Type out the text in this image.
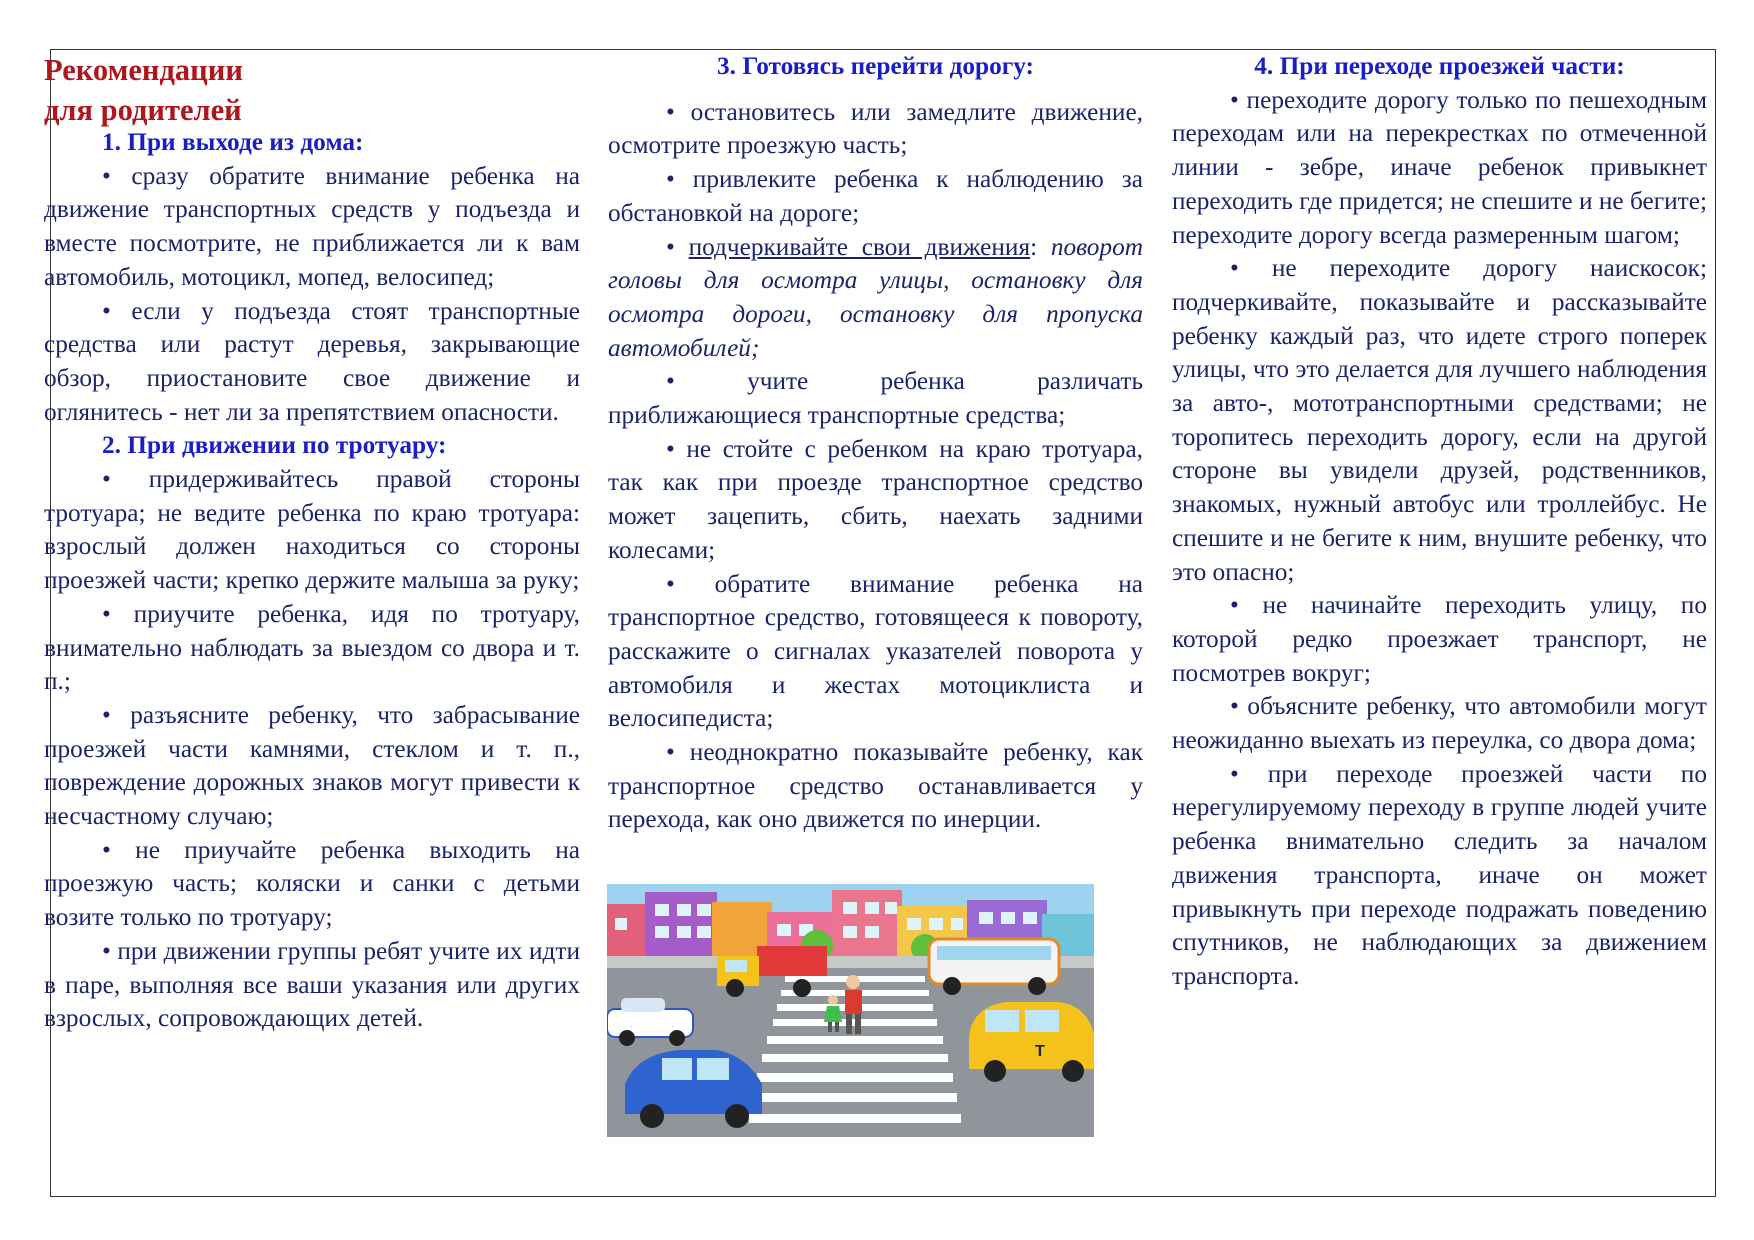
Рекомендации

для родителей

1. При выходе из дома:

• сразу обратите внимание ребенка на движение транспортных средств у подъезда и вместе посмотрите, не приближается ли к вам автомобиль, мотоцикл, мопед, велосипед;

• если у подъезда стоят транспортные средства или растут деревья, закрывающие обзор, приостановите свое движение и оглянитесь - нет ли за препятствием опасности.

2. При движении по тротуару:

• придерживайтесь правой стороны тротуара; не ведите ребенка по краю тротуара: взрослый должен находиться со стороны проезжей части; крепко держите малыша за руку;

• приучите ребенка, идя по тротуару, внимательно наблюдать за выездом со двора и т. п.;

• разъясните ребенку, что забрасывание проезжей части камнями, стеклом и т. п., повреждение дорожных знаков могут привести к несчастному случаю;

• не приучайте ребенка выходить на проезжую часть; коляски и санки с детьми возите только по тротуару;

• при движении группы ребят учите их идти в паре, выполняя все ваши указания или других взрослых, сопровождающих детей.

3. Готовясь перейти дорогу:

• остановитесь или замедлите движение, осмотрите проезжую часть;

• привлеките ребенка к наблюдению за обстановкой на дороге;

• подчеркивайте свои движения: поворот головы для осмотра улицы, остановку для осмотра дороги, остановку для пропуска автомобилей;

• учите ребенка различать приближающиеся транспортные средства;

• не стойте с ребенком на краю тротуара, так как при проезде транспортное средство может зацепить, сбить, наехать задними колесами;

• обратите внимание ребенка на транспортное средство, готовящееся к повороту, расскажите о сигналах указателей поворота у автомобиля и жестах мотоциклиста и велосипедиста;

• неоднократно показывайте ребенку, как транспортное средство останавливается у перехода, как оно движется по инерции.

4. При переходе проезжей части:

• переходите дорогу только по пешеходным переходам или на перекрестках по отмеченной линии - зебре, иначе ребенок привыкнет переходить где придется; не спешите и не бегите; переходите дорогу всегда размеренным шагом;

• не переходите дорогу наискосок; подчеркивайте, показывайте и рассказывайте ребенку каждый раз, что идете строго поперек улицы, что это делается для лучшего наблюдения за авто-, мототранспортными средствами; не торопитесь переходить дорогу, если на другой стороне вы увидели друзей, родственников, знакомых, нужный автобус или троллейбус. Не спешите и не бегите к ним, внушите ребенку, что это опасно;

• не начинайте переходить улицу, по которой редко проезжает транспорт, не посмотрев вокруг;

• объясните ребенку, что автомобили могут неожиданно выехать из переулка, со двора дома;

• при переходе проезжей части по нерегулируемому переходу в группе людей учите ребенка внимательно следить за началом движения транспорта, иначе он может привыкнуть при переходе подражать поведению спутников, не наблюдающих за движением транспорта.

Т
